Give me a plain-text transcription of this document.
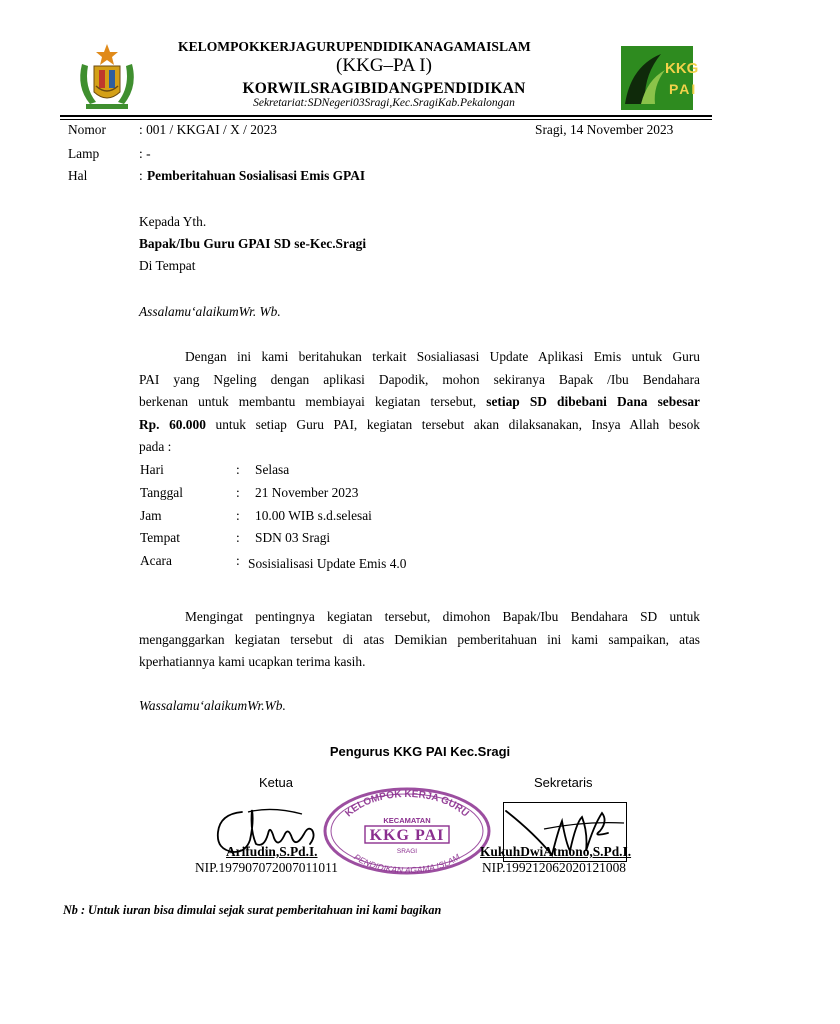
KELOMPOKKERJAGURUPENDIDIKANAGAMAISLAM
(KKG–PA I)
KORWILSRAGIBIDANGPENDIDIKAN
Sekretariat:SDNegeri03Sragi,Kec.SragiKab.Pekalongan
KKG
PAI
Nomor : 001 / KKGAI / X / 2023	Sragi, 14 November 2023
Lamp	: -
Hal	: Pemberitahuan Sosialisasi Emis GPAI
Kepada Yth.
Bapak/Ibu Guru GPAI SD se-Kec.Sragi
Di Tempat
Assalamu‘alaikumWr. Wb.
Dengan ini kami beritahukan terkait Sosialiasasi Update Aplikasi Emis untuk Guru
PAI yang Ngeling dengan aplikasi Dapodik, mohon sekiranya Bapak /Ibu Bendahara
berkenan untuk membantu membiayai kegiatan tersebut, setiap SD dibebani Dana sebesar
Rp. 60.000 untuk setiap Guru PAI, kegiatan tersebut akan dilaksanakan, Insya Allah besok
pada :
Hari	: Selasa
Tanggal	: 21 November 2023
Jam	: 10.00 WIB s.d.selesai
Tempat	: SDN 03 Sragi
Acara	: Sosisialisasi Update Emis 4.0
Mengingat pentingnya kegiatan tersebut, dimohon Bapak/Ibu Bendahara SD untuk
menganggarkan kegiatan tersebut di atas Demikian pemberitahuan ini kami sampaikan, atas
kperhatiannya kami ucapkan terima kasih.
Wassalamu‘alaikumWr.Wb.
Pengurus KKG PAI Kec.Sragi
Ketua	Sekretaris
KELOMPOK KERJA GURU
KECAMATAN
KKG PAI
SRAGI
PENDIDIKAN AGAMA ISLAM
Arifudin,S.Pd.I.	KukuhDwiAtmono,S.Pd.I.
NIP.197907072007011011	NIP.199212062020121008
Nb : Untuk iuran bisa dimulai sejak surat pemberitahuan ini kami bagikan
